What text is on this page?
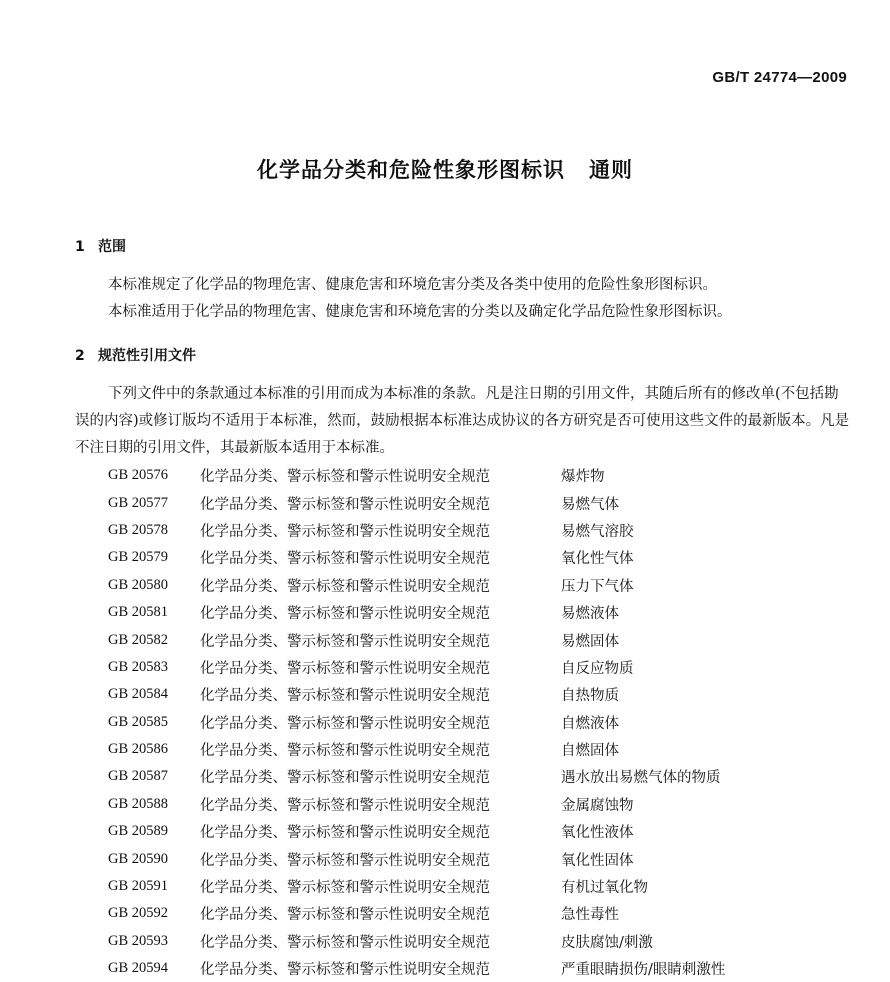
GB/T 24774—2009
化学品分类和危险性象形图标识 通则
1 范围
本标准规定了化学品的物理危害、健康危害和环境危害分类及各类中使用的危险性象形图标识。
本标准适用于化学品的物理危害、健康危害和环境危害的分类以及确定化学品危险性象形图标识。
2 规范性引用文件
下列文件中的条款通过本标准的引用而成为本标准的条款。凡是注日期的引用文件，其随后所有的修改单(不包括勘误的内容)或修订版均不适用于本标准，然而，鼓励根据本标准达成协议的各方研究是否可使用这些文件的最新版本。凡是不注日期的引用文件，其最新版本适用于本标准。
GB 20576	化学品分类、警示标签和警示性说明安全规范	爆炸物
GB 20577	化学品分类、警示标签和警示性说明安全规范	易燃气体
GB 20578	化学品分类、警示标签和警示性说明安全规范	易燃气溶胶
GB 20579	化学品分类、警示标签和警示性说明安全规范	氧化性气体
GB 20580	化学品分类、警示标签和警示性说明安全规范	压力下气体
GB 20581	化学品分类、警示标签和警示性说明安全规范	易燃液体
GB 20582	化学品分类、警示标签和警示性说明安全规范	易燃固体
GB 20583	化学品分类、警示标签和警示性说明安全规范	自反应物质
GB 20584	化学品分类、警示标签和警示性说明安全规范	自热物质
GB 20585	化学品分类、警示标签和警示性说明安全规范	自燃液体
GB 20586	化学品分类、警示标签和警示性说明安全规范	自燃固体
GB 20587	化学品分类、警示标签和警示性说明安全规范	遇水放出易燃气体的物质
GB 20588	化学品分类、警示标签和警示性说明安全规范	金属腐蚀物
GB 20589	化学品分类、警示标签和警示性说明安全规范	氧化性液体
GB 20590	化学品分类、警示标签和警示性说明安全规范	氧化性固体
GB 20591	化学品分类、警示标签和警示性说明安全规范	有机过氧化物
GB 20592	化学品分类、警示标签和警示性说明安全规范	急性毒性
GB 20593	化学品分类、警示标签和警示性说明安全规范	皮肤腐蚀/刺激
GB 20594	化学品分类、警示标签和警示性说明安全规范	严重眼睛损伤/眼睛刺激性
